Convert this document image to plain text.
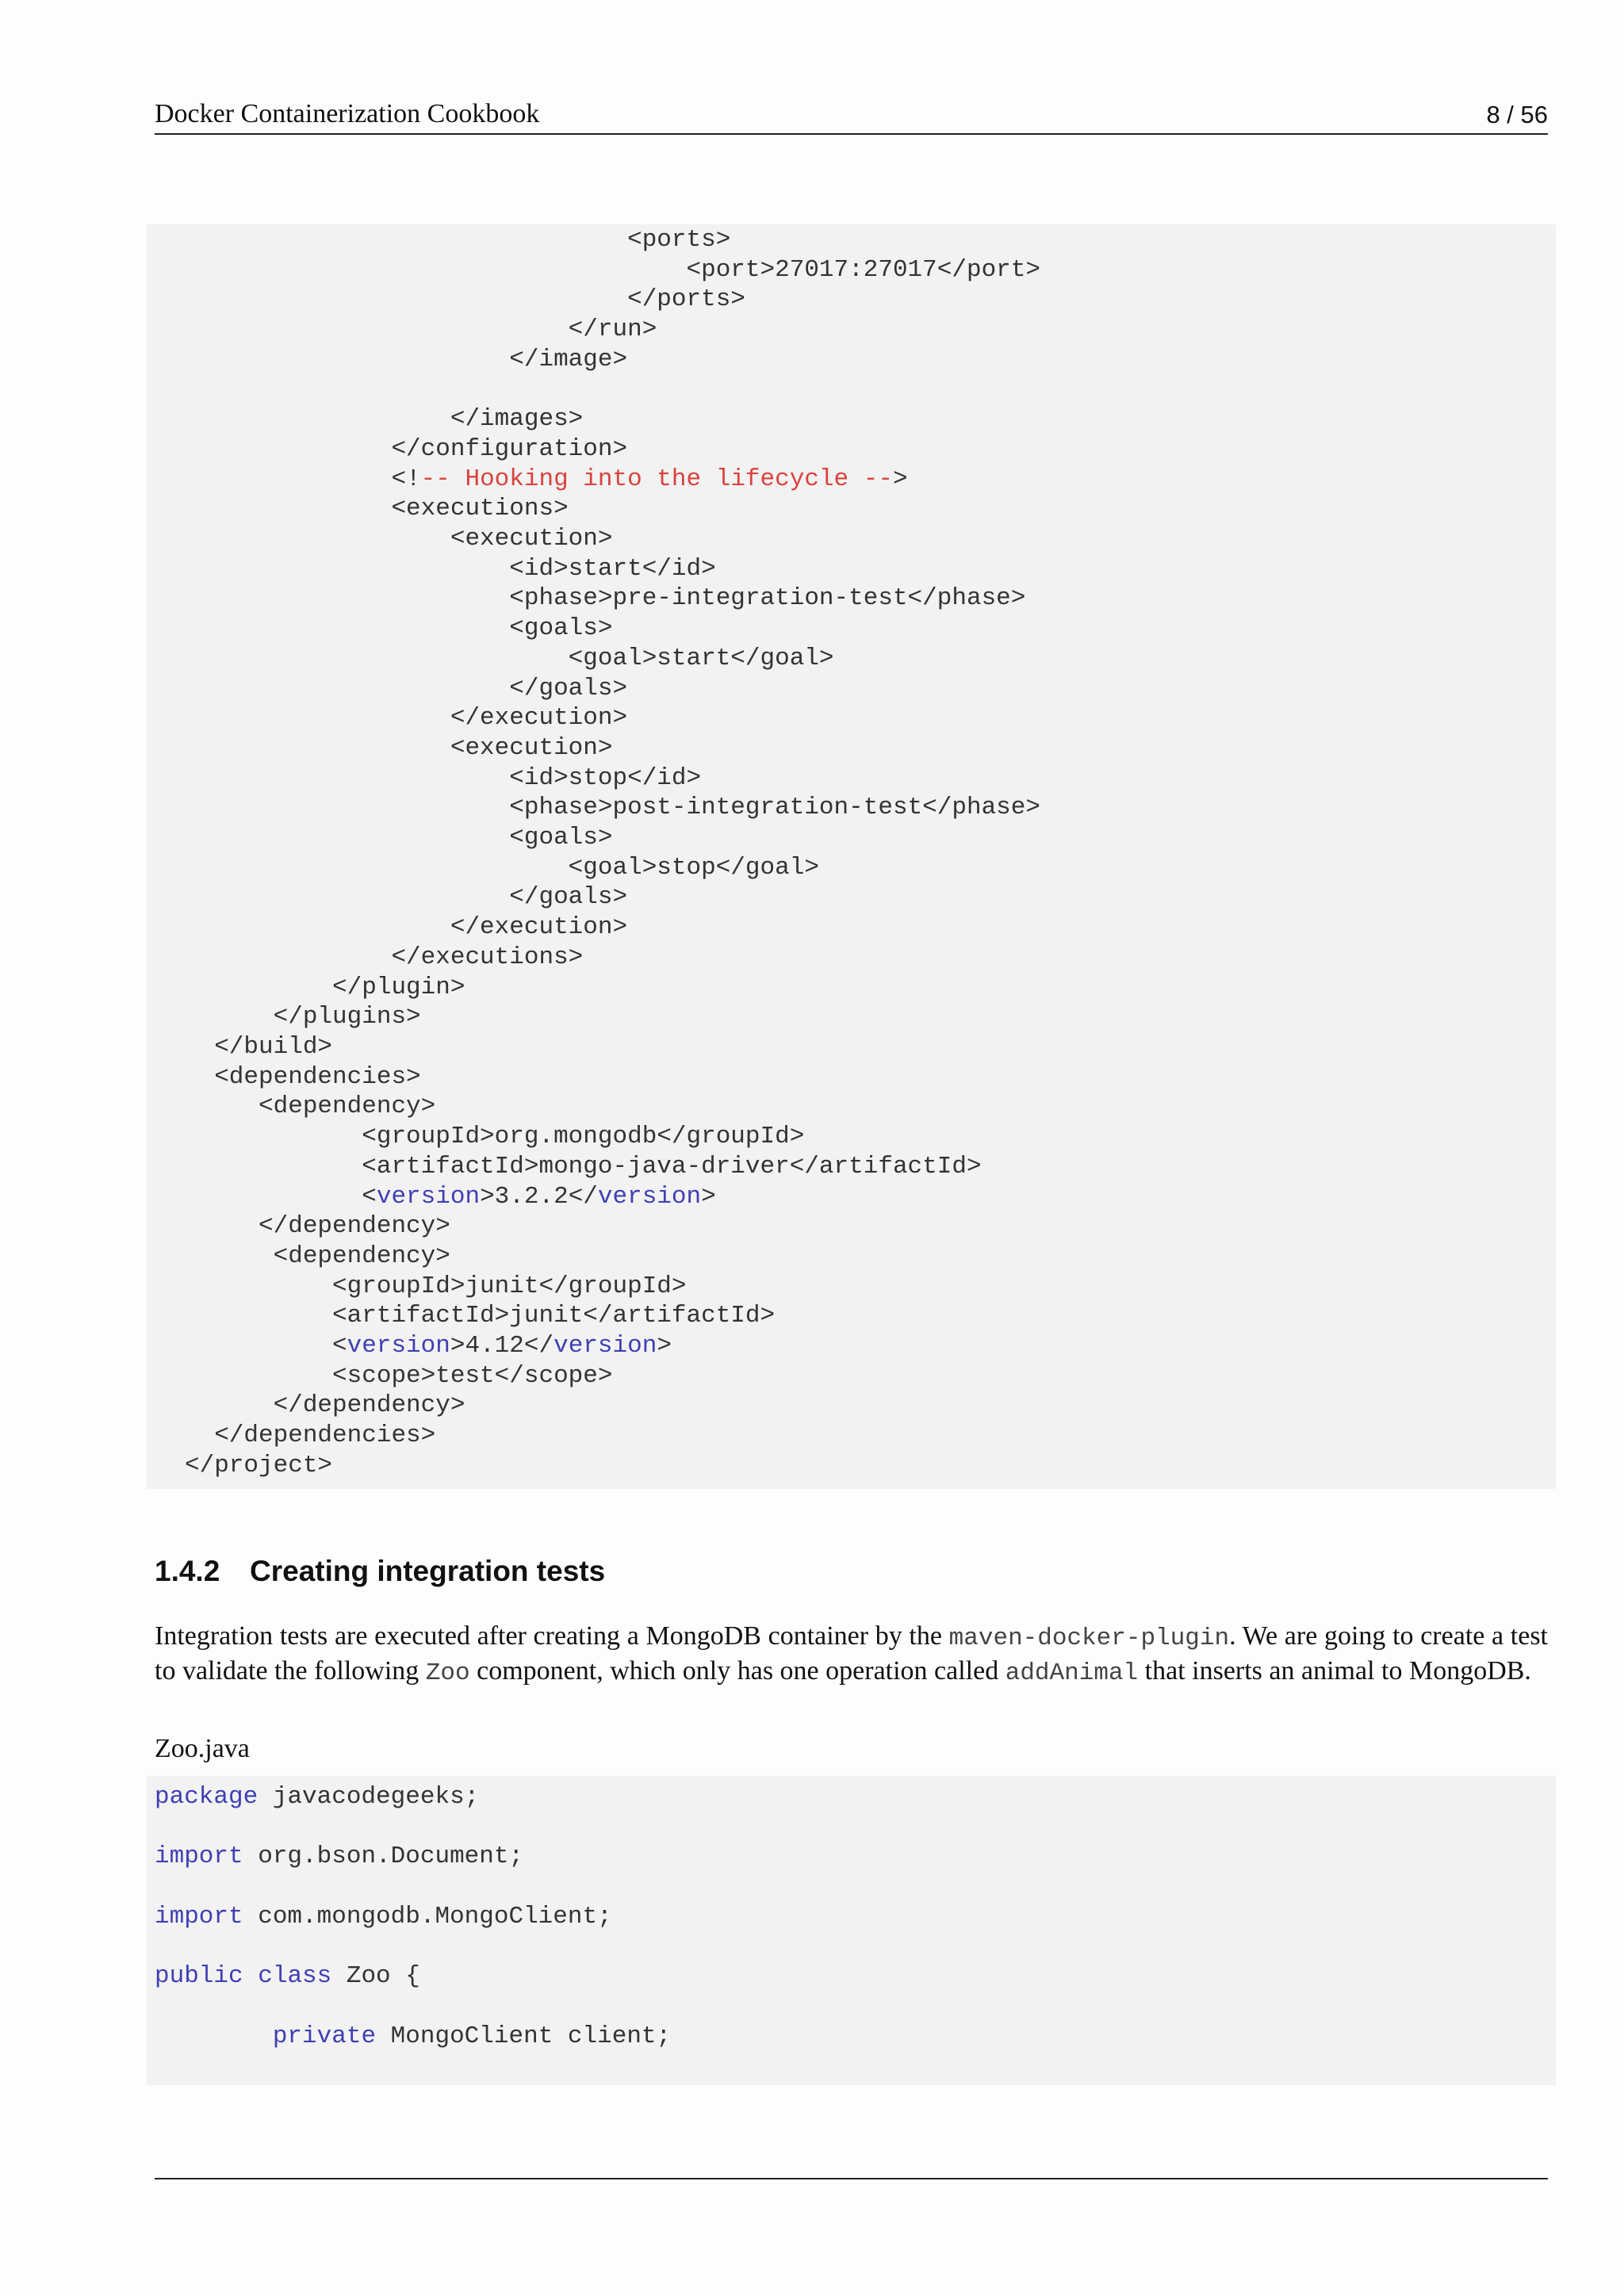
Docker Containerization Cookbook	8 / 56
<ports>
<port>27017:27017</port>
</ports>
</run>
</image>

</images>
</configuration>
<!-- Hooking into the lifecycle -->
<executions>
<execution>
<id>start</id>
<phase>pre-integration-test</phase>
<goals>
<goal>start</goal>
</goals>
</execution>
<execution>
<id>stop</id>
<phase>post-integration-test</phase>
<goals>
<goal>stop</goal>
</goals>
</execution>
</executions>
</plugin>
</plugins>
</build>
<dependencies>
<dependency>
<groupId>org.mongodb</groupId>
<artifactId>mongo-java-driver</artifactId>
<version>3.2.2</version>
</dependency>
<dependency>
<groupId>junit</groupId>
<artifactId>junit</artifactId>
<version>4.12</version>
<scope>test</scope>
</dependency>
</dependencies>
</project>

1.4.2 Creating integration tests
Integration tests are executed after creating a MongoDB container by the maven-docker-plugin. We are going to create a test to validate the following Zoo component, which only has one operation called addAnimal that inserts an animal to MongoDB.
Zoo.java
package javacodegeeks;

import org.bson.Document;

import com.mongodb.MongoClient;

public class Zoo {

private MongoClient client;
